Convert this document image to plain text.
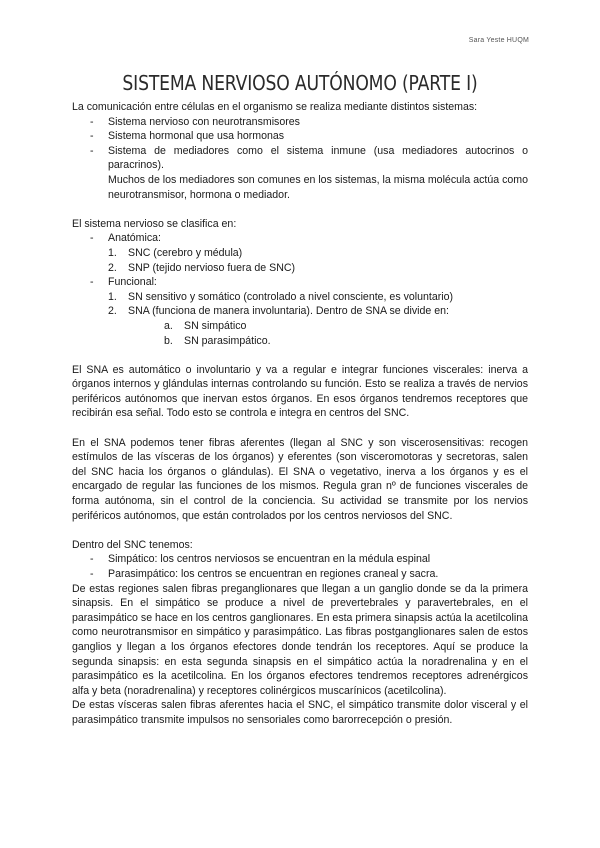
Sara Yeste HUQM
SISTEMA NERVIOSO AUTÓNOMO (PARTE I)

La comunicación entre células en el organismo se realiza mediante distintos sistemas:

- Sistema nervioso con neurotransmisores
- Sistema hormonal que usa hormonas
- Sistema de mediadores como el sistema inmune (usa mediadores autocrinos o paracrinos).

Muchos de los mediadores son comunes en los sistemas, la misma molécula actúa como neurotransmisor, hormona o mediador.

El sistema nervioso se clasifica en:

- Anatómica:
1. SNC (cerebro y médula)
2. SNP (tejido nervioso fuera de SNC)
- Funcional:
1. SN sensitivo y somático (controlado a nivel consciente, es voluntario)
2. SNA (funciona de manera involuntaria). Dentro de SNA se divide en:
a. SN simpático
b. SN parasimpático.

El SNA es automático o involuntario y va a regular e integrar funciones viscerales: inerva a órganos internos y glándulas internas controlando su función. Esto se realiza a través de nervios periféricos autónomos que inervan estos órganos. En esos órganos tendremos receptores que recibirán esa señal. Todo esto se controla e integra en centros del SNC.

En el SNA podemos tener fibras aferentes (llegan al SNC y son viscerosensitivas: recogen estímulos de las vísceras de los órganos) y eferentes (son visceromotoras y secretoras, salen del SNC hacia los órganos o glándulas). El SNA o vegetativo, inerva a los órganos y es el encargado de regular las funciones de los mismos. Regula gran nº de funciones viscerales de forma autónoma, sin el control de la conciencia. Su actividad se transmite por los nervios periféricos autónomos, que están controlados por los centros nerviosos del SNC.

Dentro del SNC tenemos:

- Simpático: los centros nerviosos se encuentran en la médula espinal
- Parasimpático: los centros se encuentran en regiones craneal y sacra.

De estas regiones salen fibras preganglionares que llegan a un ganglio donde se da la primera sinapsis. En el simpático se produce a nivel de prevertebrales y paravertebrales, en el parasimpático se hace en los centros ganglionares. En esta primera sinapsis actúa la acetilcolina como neurotransmisor en simpático y parasimpático. Las fibras postganglionares salen de estos ganglios y llegan a los órganos efectores donde tendrán los receptores. Aquí se produce la segunda sinapsis: en esta segunda sinapsis en el simpático actúa la noradrenalina y en el parasimpático es la acetilcolina. En los órganos efectores tendremos receptores adrenérgicos alfa y beta (noradrenalina) y receptores colinérgicos muscarínicos (acetilcolina).

De estas vísceras salen fibras aferentes hacia el SNC, el simpático transmite dolor visceral y el parasimpático transmite impulsos no sensoriales como barorrecepción o presión.
